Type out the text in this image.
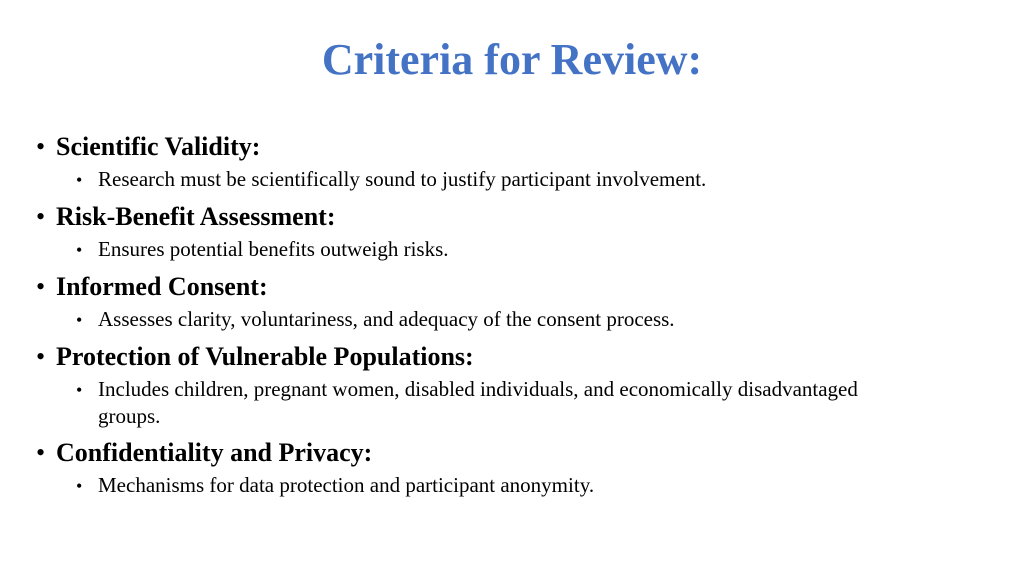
Criteria for Review:
• Scientific Validity:
• Research must be scientifically sound to justify participant involvement.
• Risk-Benefit Assessment:
• Ensures potential benefits outweigh risks.
• Informed Consent:
• Assesses clarity, voluntariness, and adequacy of the consent process.
• Protection of Vulnerable Populations:
• Includes children, pregnant women, disabled individuals, and economically disadvantaged groups.
• Confidentiality and Privacy:
• Mechanisms for data protection and participant anonymity.
